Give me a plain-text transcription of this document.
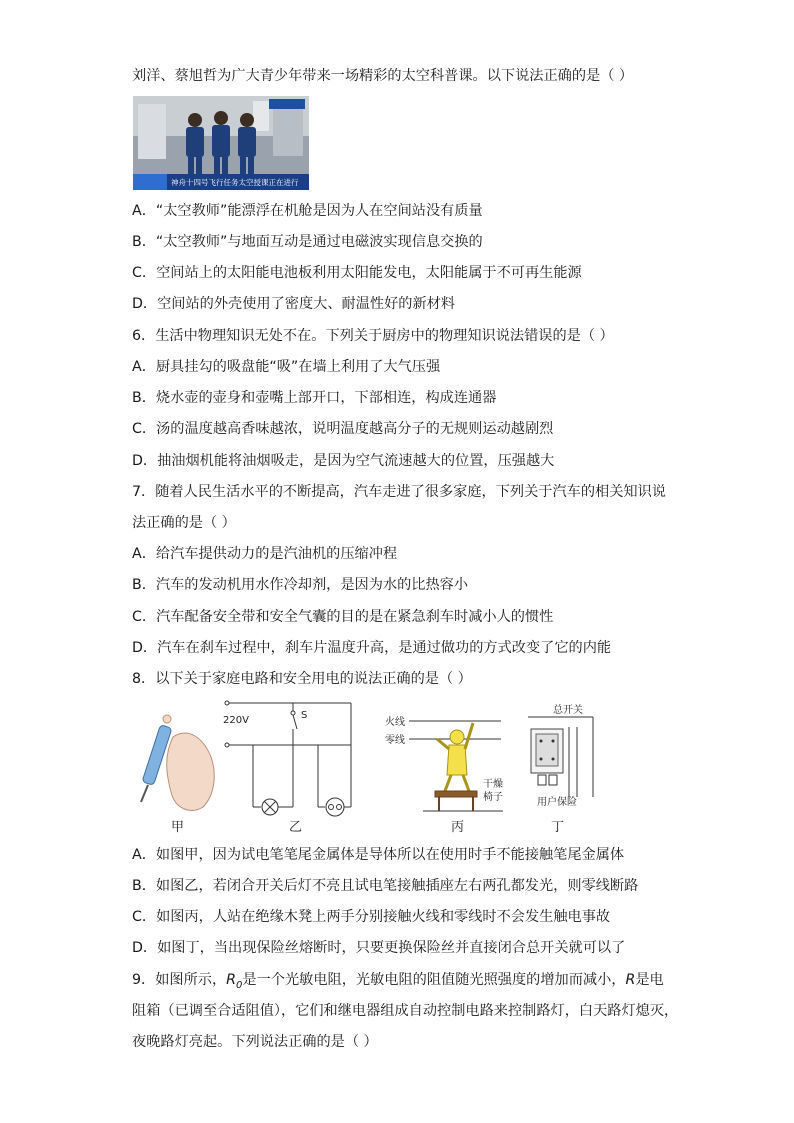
刘洋、蔡旭哲为广大青少年带来一场精彩的太空科普课。以下说法正确的是（ ）
神舟十四号飞行任务太空授课正在进行
A．“太空教师”能漂浮在机舱是因为人在空间站没有质量
B．“太空教师”与地面互动是通过电磁波实现信息交换的
C．空间站上的太阳能电池板利用太阳能发电，太阳能属于不可再生能源
D．空间站的外壳使用了密度大、耐温性好的新材料
6．生活中物理知识无处不在。下列关于厨房中的物理知识说法错误的是（ ）
A．厨具挂勾的吸盘能“吸”在墙上利用了大气压强
B．烧水壶的壶身和壶嘴上部开口，下部相连，构成连通器
C．汤的温度越高香味越浓，说明温度越高分子的无规则运动越剧烈
D．抽油烟机能将油烟吸走，是因为空气流速越大的位置，压强越大
7．随着人民生活水平的不断提高，汽车走进了很多家庭，下列关于汽车的相关知识说
法正确的是（ ）
A．给汽车提供动力的是汽油机的压缩冲程
B．汽车的发动机用水作冷却剂，是因为水的比热容小
C．汽车配备安全带和安全气囊的目的是在紧急刹车时减小人的惯性
D．汽车在刹车过程中，刹车片温度升高，是通过做功的方式改变了它的内能
8．以下关于家庭电路和安全用电的说法正确的是（ ）
220V	S
火线
零线
干燥
椅子
总开关
用户保险
甲	乙	丙	丁
A．如图甲，因为试电笔笔尾金属体是导体所以在使用时手不能接触笔尾金属体
B．如图乙，若闭合开关后灯不亮且试电笔接触插座左右两孔都发光，则零线断路
C．如图丙，人站在绝缘木凳上两手分别接触火线和零线时不会发生触电事故
D．如图丁，当出现保险丝熔断时，只要更换保险丝并直接闭合总开关就可以了
9．如图所示，$R_0$是一个光敏电阻，光敏电阻的阻值随光照强度的增加而减小，R是电
阻箱（已调至合适阻值），它们和继电器组成自动控制电路来控制路灯，白天路灯熄灭，
夜晚路灯亮起。下列说法正确的是（ ）
